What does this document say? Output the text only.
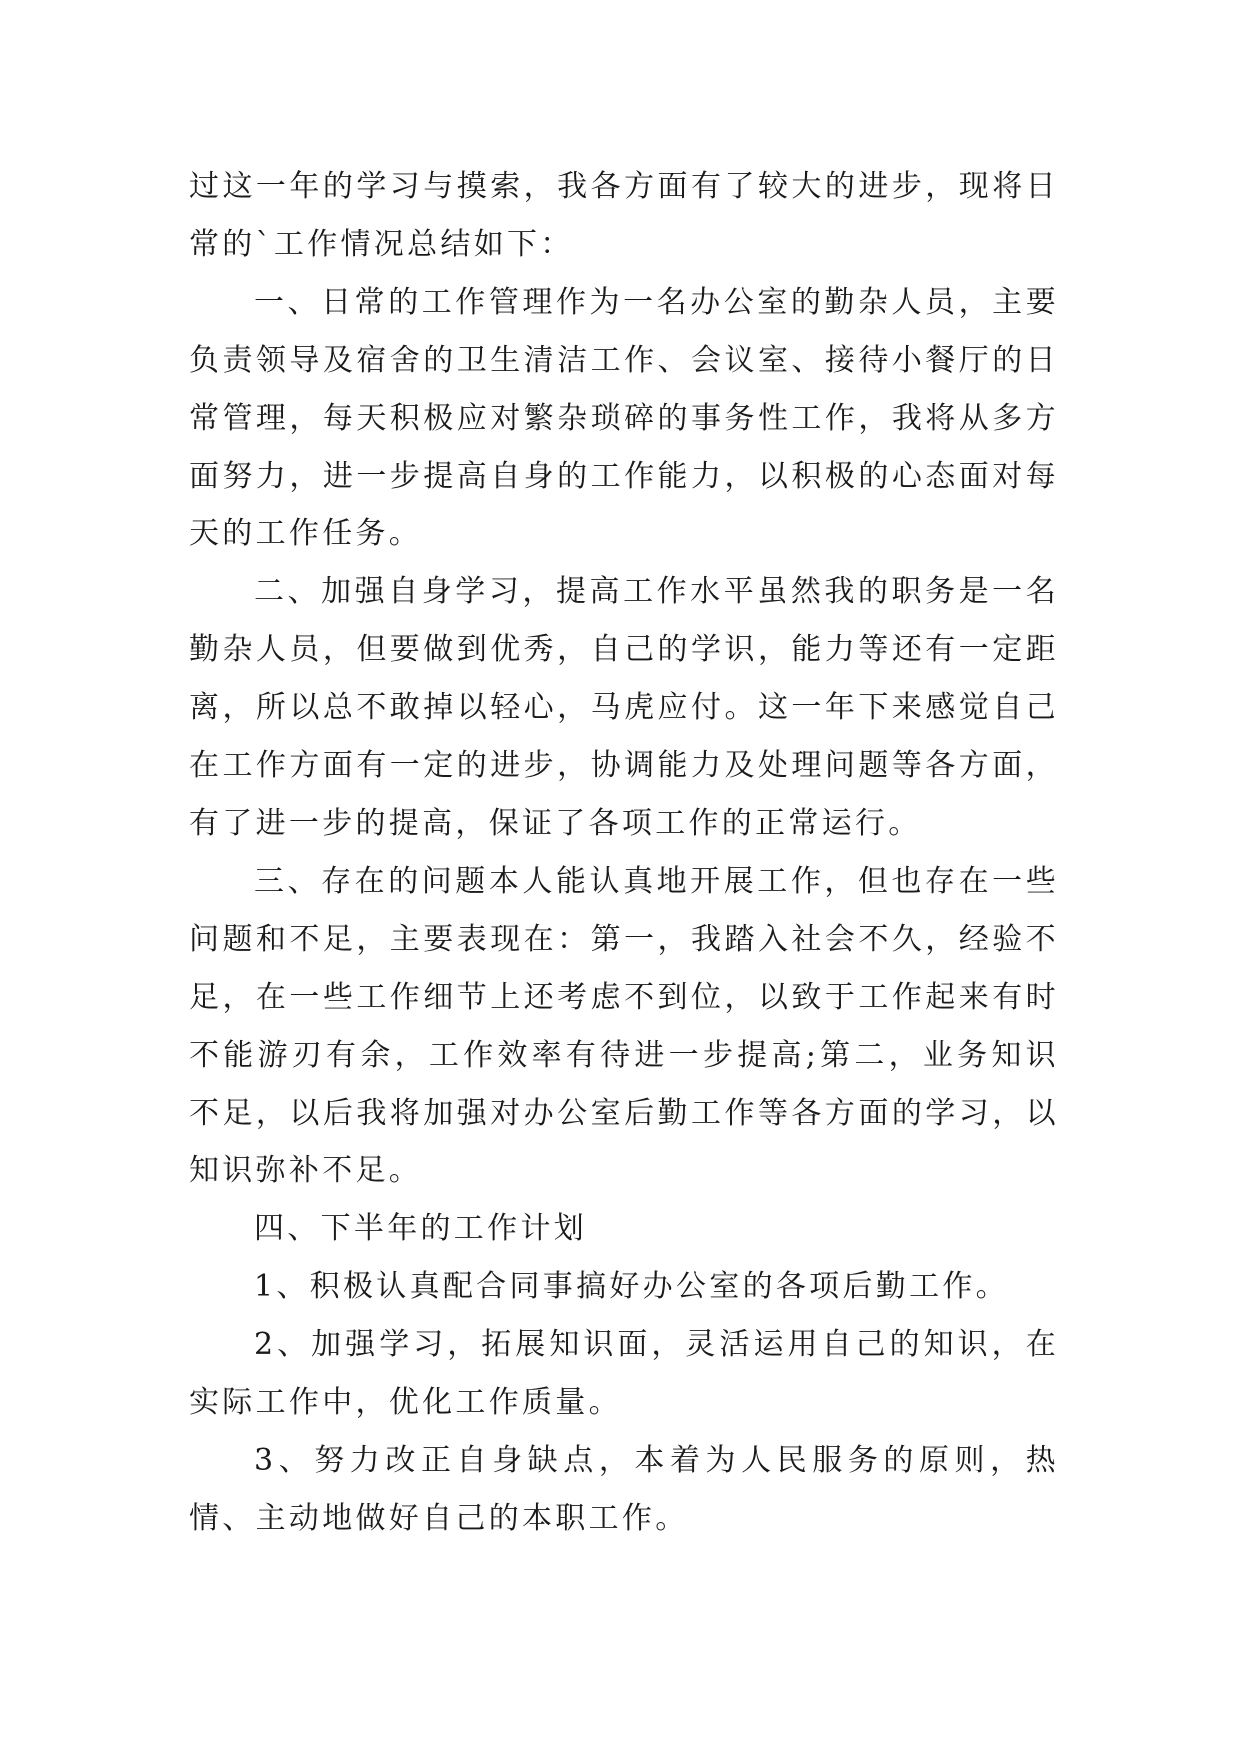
过这一年的学习与摸索，我各方面有了较大的进步，现将日常的`工作情况总结如下：

一、日常的工作管理作为一名办公室的勤杂人员，主要负责领导及宿舍的卫生清洁工作、会议室、接待小餐厅的日常管理，每天积极应对繁杂琐碎的事务性工作，我将从多方面努力，进一步提高自身的工作能力，以积极的心态面对每天的工作任务。

二、加强自身学习，提高工作水平虽然我的职务是一名勤杂人员，但要做到优秀，自己的学识，能力等还有一定距离，所以总不敢掉以轻心，马虎应付。这一年下来感觉自己在工作方面有一定的进步，协调能力及处理问题等各方面，有了进一步的提高，保证了各项工作的正常运行。

三、存在的问题本人能认真地开展工作，但也存在一些问题和不足，主要表现在：第一，我踏入社会不久，经验不足，在一些工作细节上还考虑不到位，以致于工作起来有时不能游刃有余，工作效率有待进一步提高;第二，业务知识不足，以后我将加强对办公室后勤工作等各方面的学习，以知识弥补不足。

四、下半年的工作计划

1、积极认真配合同事搞好办公室的各项后勤工作。

2、加强学习，拓展知识面，灵活运用自己的知识，在实际工作中，优化工作质量。

3、努力改正自身缺点，本着为人民服务的原则，热情、主动地做好自己的本职工作。
